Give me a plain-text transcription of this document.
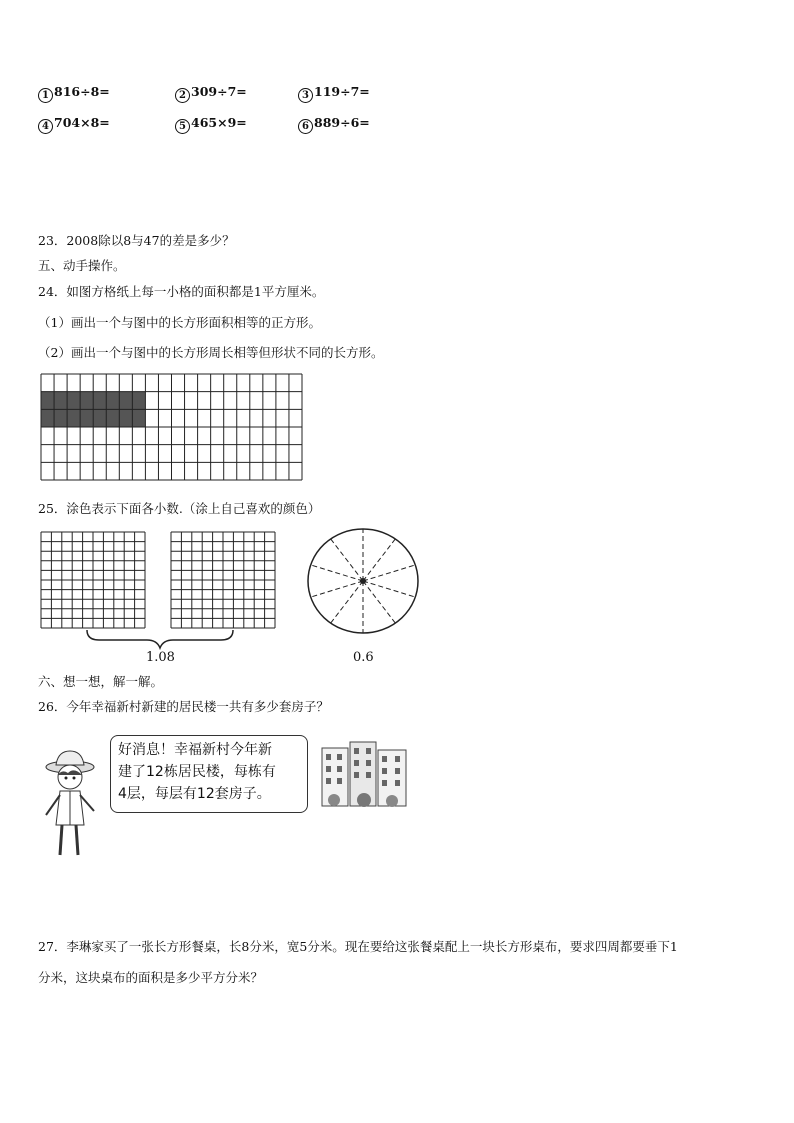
1 816÷8=	2 309÷7=	3 119÷7=
4 704×8=	5 465×9=	6 889÷6=
23．2008除以8与47的差是多少？
五、动手操作。
24．如图方格纸上每一小格的面积都是1平方厘米。
（1）画出一个与图中的长方形面积相等的正方形。
（2）画出一个与图中的长方形周长相等但形状不同的长方形。
25．涂色表示下面各小数.（涂上自己喜欢的颜色）
1.08	0.6
六、想一想，解一解。
26．今年幸福新村新建的居民楼一共有多少套房子？
好消息！幸福新村今年新
建了12栋居民楼，每栋有
4层，每层有12套房子。
27．李琳家买了一张长方形餐桌，长8分米，宽5分米。现在要给这张餐桌配上一块长方形桌布，要求四周都要垂下1
分米，这块桌布的面积是多少平方分米？
